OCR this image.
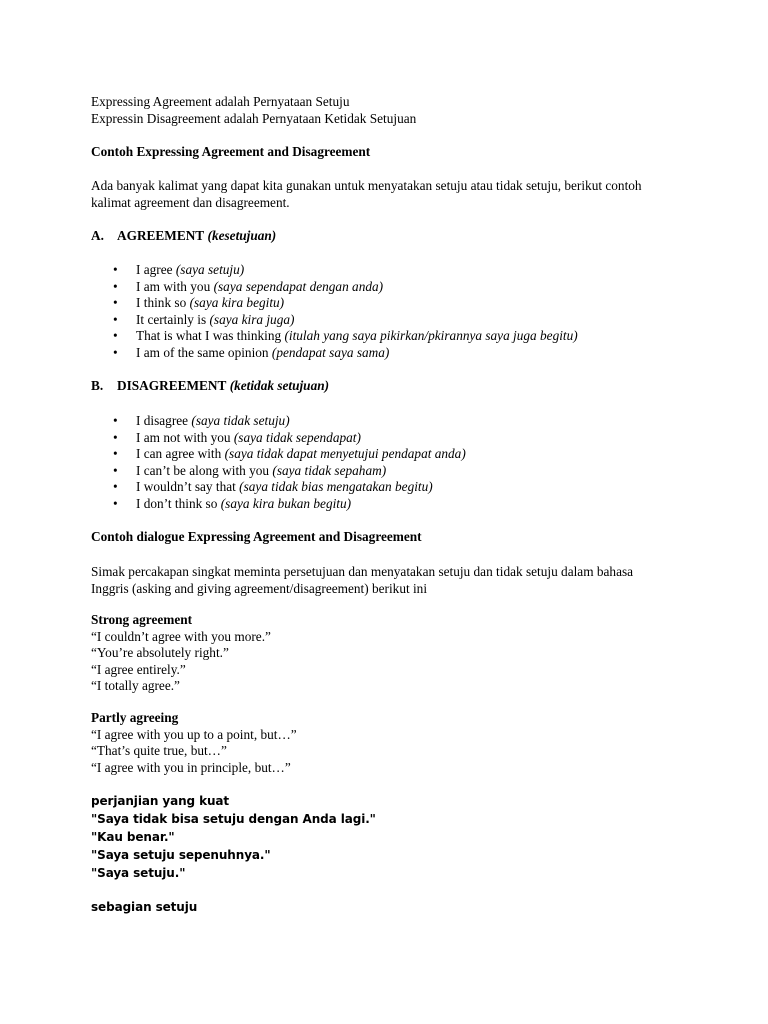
Expressing Agreement adalah Pernyataan Setuju
Expressin Disagreement adalah Pernyataan Ketidak Setujuan
Contoh Expressing Agreement and Disagreement
Ada banyak kalimat yang dapat kita gunakan untuk menyatakan setuju atau tidak setuju, berikut contoh
kalimat agreement dan disagreement.
A. AGREEMENT (kesetujuan)
• I agree (saya setuju)
• I am with you (saya sependapat dengan anda)
• I think so (saya kira begitu)
• It certainly is (saya kira juga)
• That is what I was thinking (itulah yang saya pikirkan/pkirannya saya juga begitu)
• I am of the same opinion (pendapat saya sama)
B. DISAGREEMENT (ketidak setujuan)
• I disagree (saya tidak setuju)
• I am not with you (saya tidak sependapat)
• I can agree with (saya tidak dapat menyetujui pendapat anda)
• I can’t be along with you (saya tidak sepaham)
• I wouldn’t say that (saya tidak bias mengatakan begitu)
• I don’t think so (saya kira bukan begitu)
Contoh dialogue Expressing Agreement and Disagreement
Simak percakapan singkat meminta persetujuan dan menyatakan setuju dan tidak setuju dalam bahasa
Inggris (asking and giving agreement/disagreement) berikut ini
Strong agreement
“I couldn’t agree with you more.”
“You’re absolutely right.”
“I agree entirely.”
“I totally agree.”
Partly agreeing
“I agree with you up to a point, but…”
“That’s quite true, but…”
“I agree with you in principle, but…”
perjanjian yang kuat
"Saya tidak bisa setuju dengan Anda lagi."
"Kau benar."
"Saya setuju sepenuhnya."
"Saya setuju."
sebagian setuju
